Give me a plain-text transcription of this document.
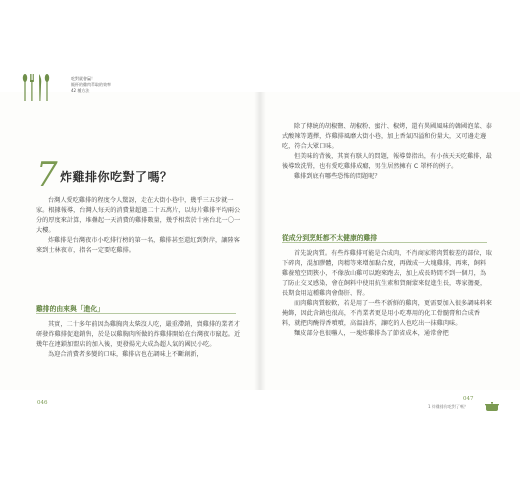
吃對就會贏！
飯杯的雞肉萃取的效率
42 種方法
7 炸雞排你吃對了嗎？

台灣人愛吃雞排的程度令人驚訝，走在大街小巷中，幾乎三五步就一家。根據報導，台灣人每天的消費量超過二十五萬片，以每片雞排平均兩公分的厚度來計算，堆疊起一天消費的雞排數量，幾乎相當於十座台北一〇一大樓。

炸雞排是台灣夜市小吃排行榜的第一名，雞排甚至還紅到對岸，讓陸客來到士林夜市，指名一定要吃雞排。

雞排的由來與「進化」

其實，二十多年前因為雞胸肉太柴沒人吃，嚴重滯銷，賣雞排的業者才研發炸雞排促進銷售，於是以雞胸肉所做的炸雞排開始在台灣夜市竄起。近幾年在連鎖加盟店的加入後，更發揚光大成為超人氣的國民小吃。

為迎合消費者多變的口味，雞排店也在調味上不斷創新，

046

除了傳統的胡椒鹽、胡椒粉、蜜汁、椒烤，還有異國風味的韓國泡菜、泰式酸辣等選擇，炸雞排風靡大街小巷，加上香氣四溢和份量大，又可邊走邊吃，符合大眾口味。

但美味的背後，其實有駭人的問題，報導曾指出，有小孩天天吃雞排，最後導致洗腎，也有愛吃雞排成癮，男生居然擁有 C 罩杯的例子。

雞排到底有哪些恐怖的問題呢？

從成分到烹飪都不太健康的雞排

首先說肉質。有些炸雞排可能是合成肉，不肖商家將肉質較差的部位，取下碎肉，混加膠體，肉精等來增加黏合度，再做成一大塊雞排，再來，飼料雞養殖空間狹小，不像放山雞可以跑來跑去，加上成長時間不到一個月，為了防止交叉感染，會在飼料中使用抗生素和賀爾蒙來促進生長，專家擔憂，長期食用這種雞肉會傷肝、腎。

而肉雞肉質較軟，若是用了一些不新鮮的雞肉，更需要加入很多調味料來掩飾，因此含鈉也很高，不肖業者更是用小吃專用的化工骨髓膏和合成香料，就把肉醃得香噴噴，高溫油炸，讓吃的人也吃出一抹雞肉味。

麵皮部分也很嚇人，一塊炸雞排為了節省成本，通常會把

1 炸雞排你吃對了嗎？
047
